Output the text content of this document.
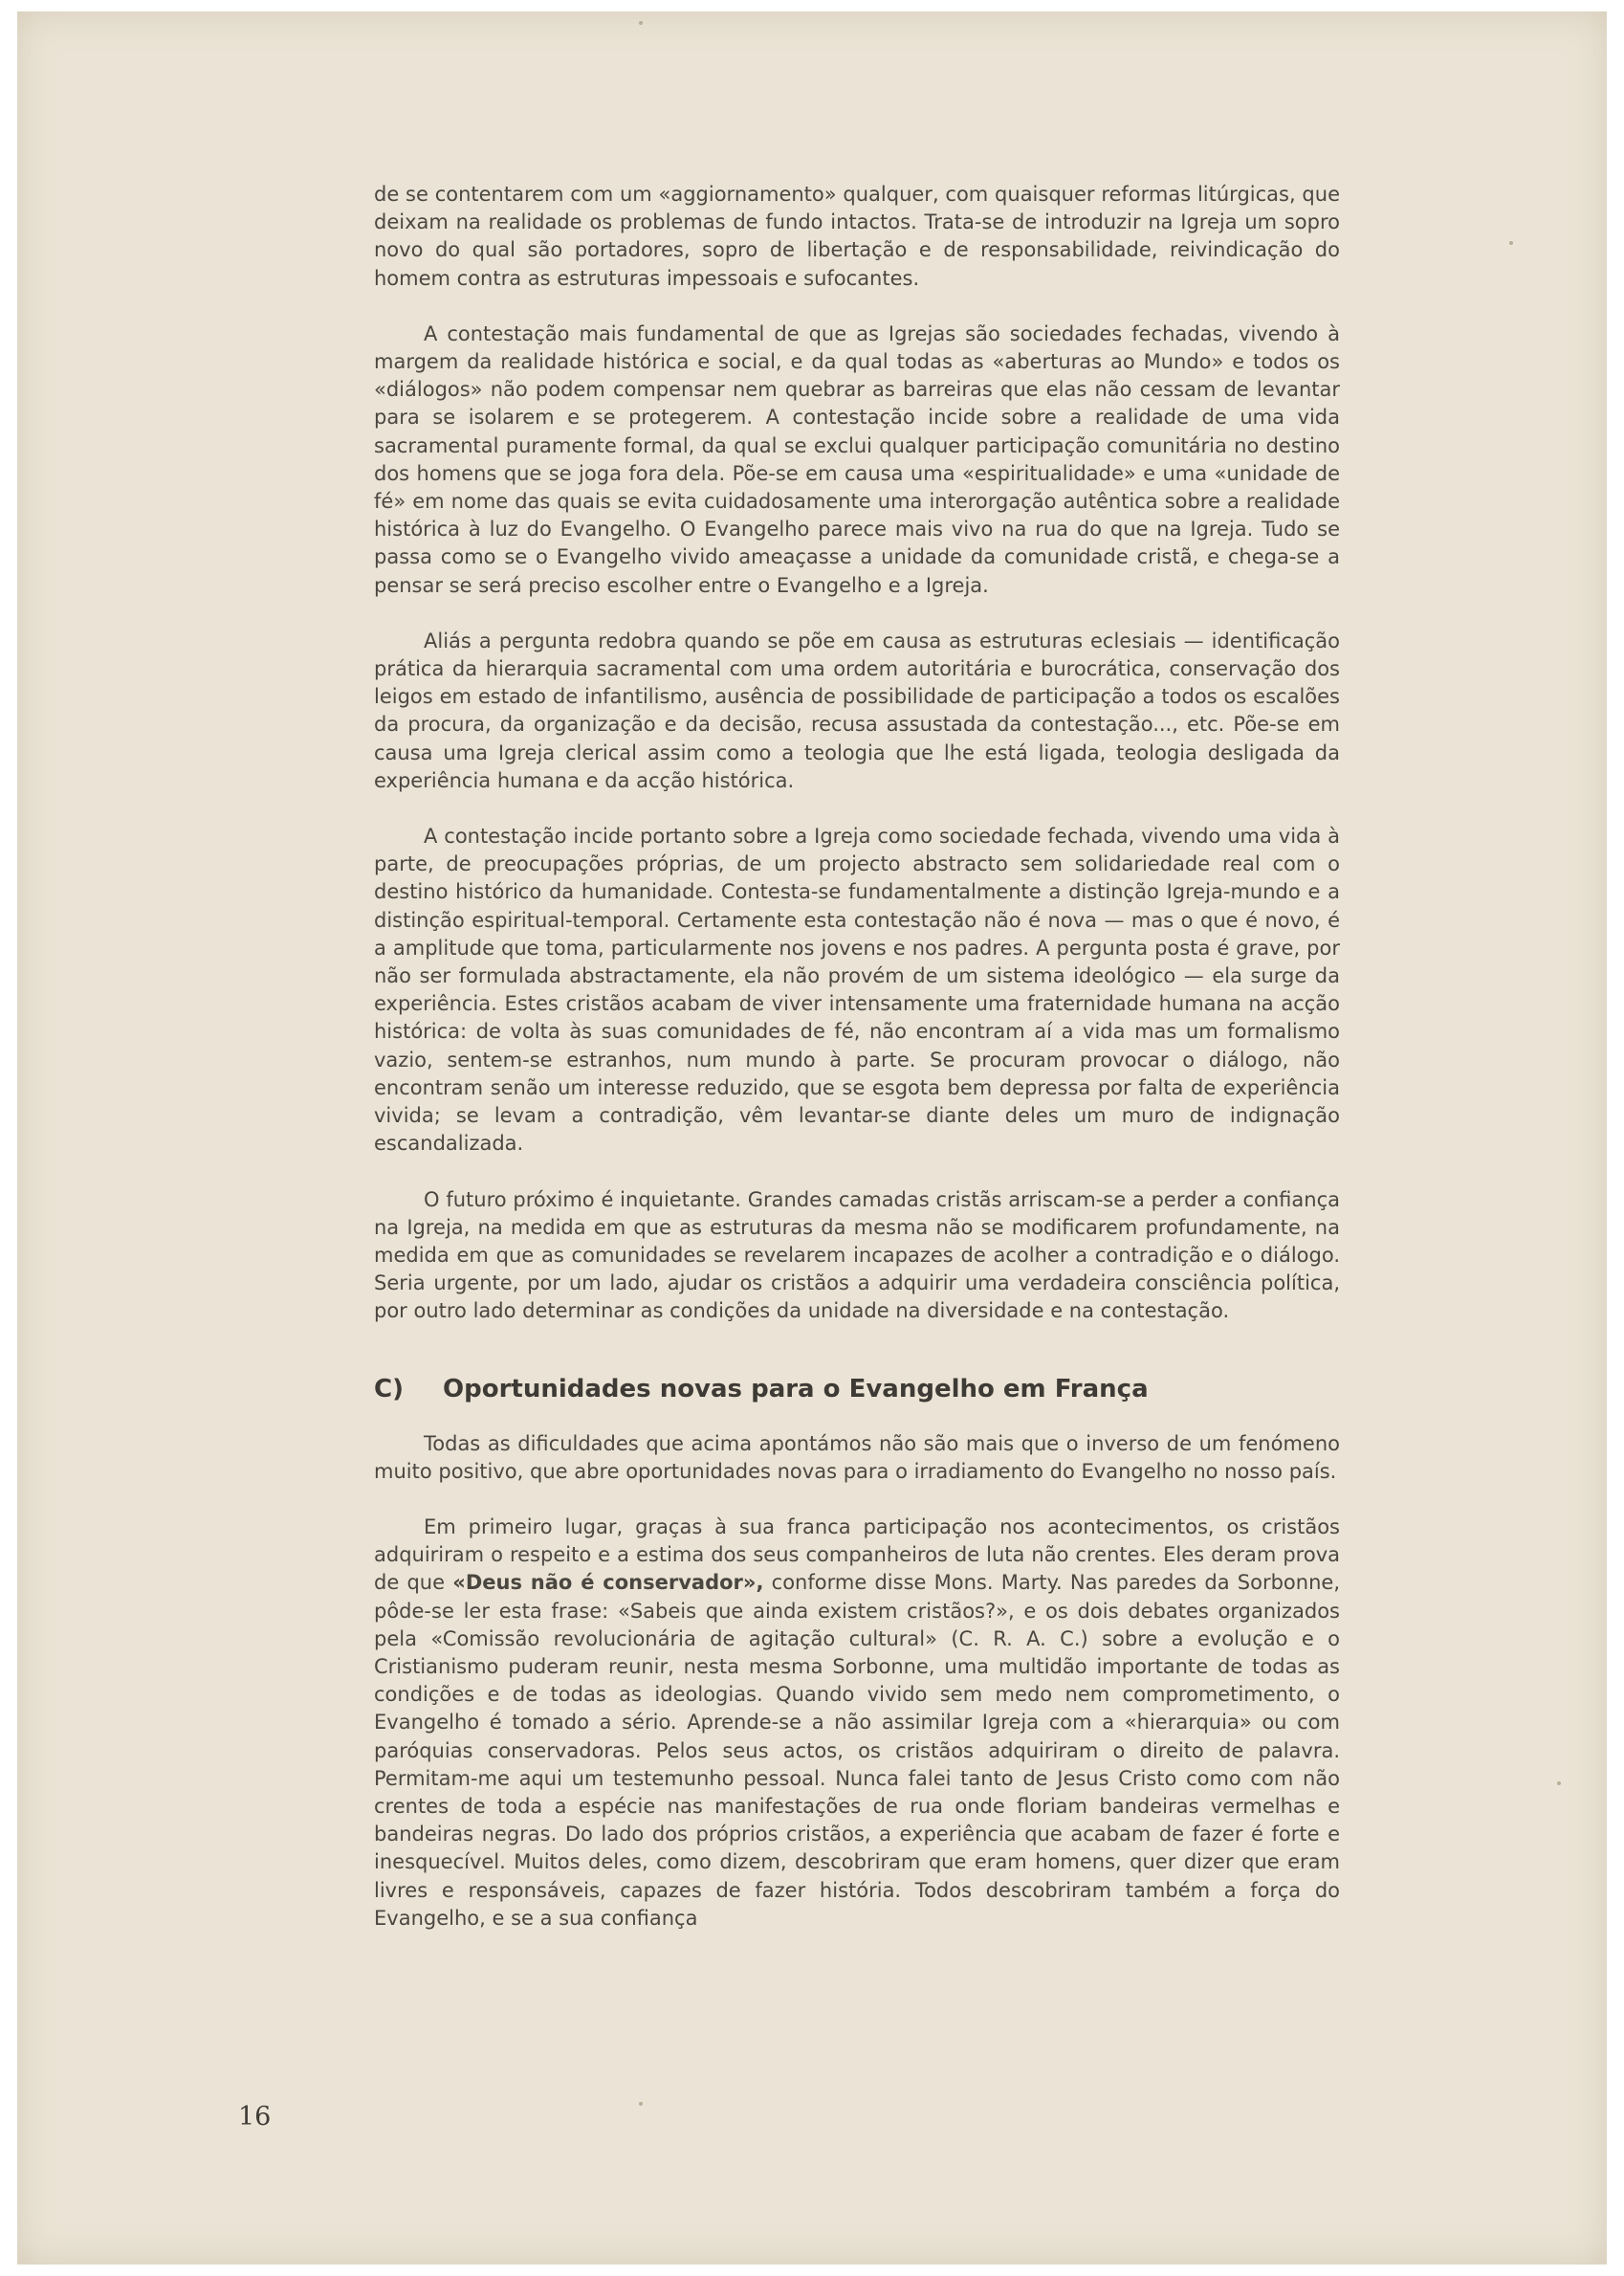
de se contentarem com um «aggiornamento» qualquer, com quaisquer reformas litúrgicas, que deixam na realidade os problemas de fundo intactos. Trata-se de introduzir na Igreja um sopro novo do qual são portadores, sopro de libertação e de responsabilidade, reivindicação do homem contra as estruturas impessoais e sufocantes.

A contestação mais fundamental de que as Igrejas são sociedades fechadas, vivendo à margem da realidade histórica e social, e da qual todas as «aberturas ao Mundo» e todos os «diálogos» não podem compensar nem quebrar as barreiras que elas não cessam de levantar para se isolarem e se protegerem. A contestação incide sobre a realidade de uma vida sacramental puramente formal, da qual se exclui qualquer participação comunitária no destino dos homens que se joga fora dela. Põe-se em causa uma «espiritualidade» e uma «unidade de fé» em nome das quais se evita cuidadosamente uma interorgação autêntica sobre a realidade histórica à luz do Evangelho. O Evangelho parece mais vivo na rua do que na Igreja. Tudo se passa como se o Evangelho vivido ameaçasse a unidade da comunidade cristã, e chega-se a pensar se será preciso escolher entre o Evangelho e a Igreja.

Aliás a pergunta redobra quando se põe em causa as estruturas eclesiais — identificação prática da hierarquia sacramental com uma ordem autoritária e burocrática, conservação dos leigos em estado de infantilismo, ausência de possibilidade de participação a todos os escalões da procura, da organização e da decisão, recusa assustada da contestação..., etc. Põe-se em causa uma Igreja clerical assim como a teologia que lhe está ligada, teologia desligada da experiência humana e da acção histórica.

A contestação incide portanto sobre a Igreja como sociedade fechada, vivendo uma vida à parte, de preocupações próprias, de um projecto abstracto sem solidariedade real com o destino histórico da humanidade. Contesta-se fundamentalmente a distinção Igreja-mundo e a distinção espiritual-temporal. Certamente esta contestação não é nova — mas o que é novo, é a amplitude que toma, particularmente nos jovens e nos padres. A pergunta posta é grave, por não ser formulada abstractamente, ela não provém de um sistema ideológico — ela surge da experiência. Estes cristãos acabam de viver intensamente uma fraternidade humana na acção histórica: de volta às suas comunidades de fé, não encontram aí a vida mas um formalismo vazio, sentem-se estranhos, num mundo à parte. Se procuram provocar o diálogo, não encontram senão um interesse reduzido, que se esgota bem depressa por falta de experiência vivida; se levam a contradição, vêm levantar-se diante deles um muro de indignação escandalizada.

O futuro próximo é inquietante. Grandes camadas cristãs arriscam-se a perder a confiança na Igreja, na medida em que as estruturas da mesma não se modificarem profundamente, na medida em que as comunidades se revelarem incapazes de acolher a contradição e o diálogo. Seria urgente, por um lado, ajudar os cristãos a adquirir uma verdadeira consciência política, por outro lado determinar as condições da unidade na diversidade e na contestação.

C) Oportunidades novas para o Evangelho em França

Todas as dificuldades que acima apontámos não são mais que o inverso de um fenómeno muito positivo, que abre oportunidades novas para o irradiamento do Evangelho no nosso país.

Em primeiro lugar, graças à sua franca participação nos acontecimentos, os cristãos adquiriram o respeito e a estima dos seus companheiros de luta não crentes. Eles deram prova de que «Deus não é conservador», conforme disse Mons. Marty. Nas paredes da Sorbonne, pôde-se ler esta frase: «Sabeis que ainda existem cristãos?», e os dois debates organizados pela «Comissão revolucionária de agitação cultural» (C. R. A. C.) sobre a evolução e o Cristianismo puderam reunir, nesta mesma Sorbonne, uma multidão importante de todas as condições e de todas as ideologias. Quando vivido sem medo nem comprometimento, o Evangelho é tomado a sério. Aprende-se a não assimilar Igreja com a «hierarquia» ou com paróquias conservadoras. Pelos seus actos, os cristãos adquiriram o direito de palavra. Permitam-me aqui um testemunho pessoal. Nunca falei tanto de Jesus Cristo como com não crentes de toda a espécie nas manifestações de rua onde floriam bandeiras vermelhas e bandeiras negras. Do lado dos próprios cristãos, a experiência que acabam de fazer é forte e inesquecível. Muitos deles, como dizem, descobriram que eram homens, quer dizer que eram livres e responsáveis, capazes de fazer história. Todos descobriram também a força do Evangelho, e se a sua confiança

16
